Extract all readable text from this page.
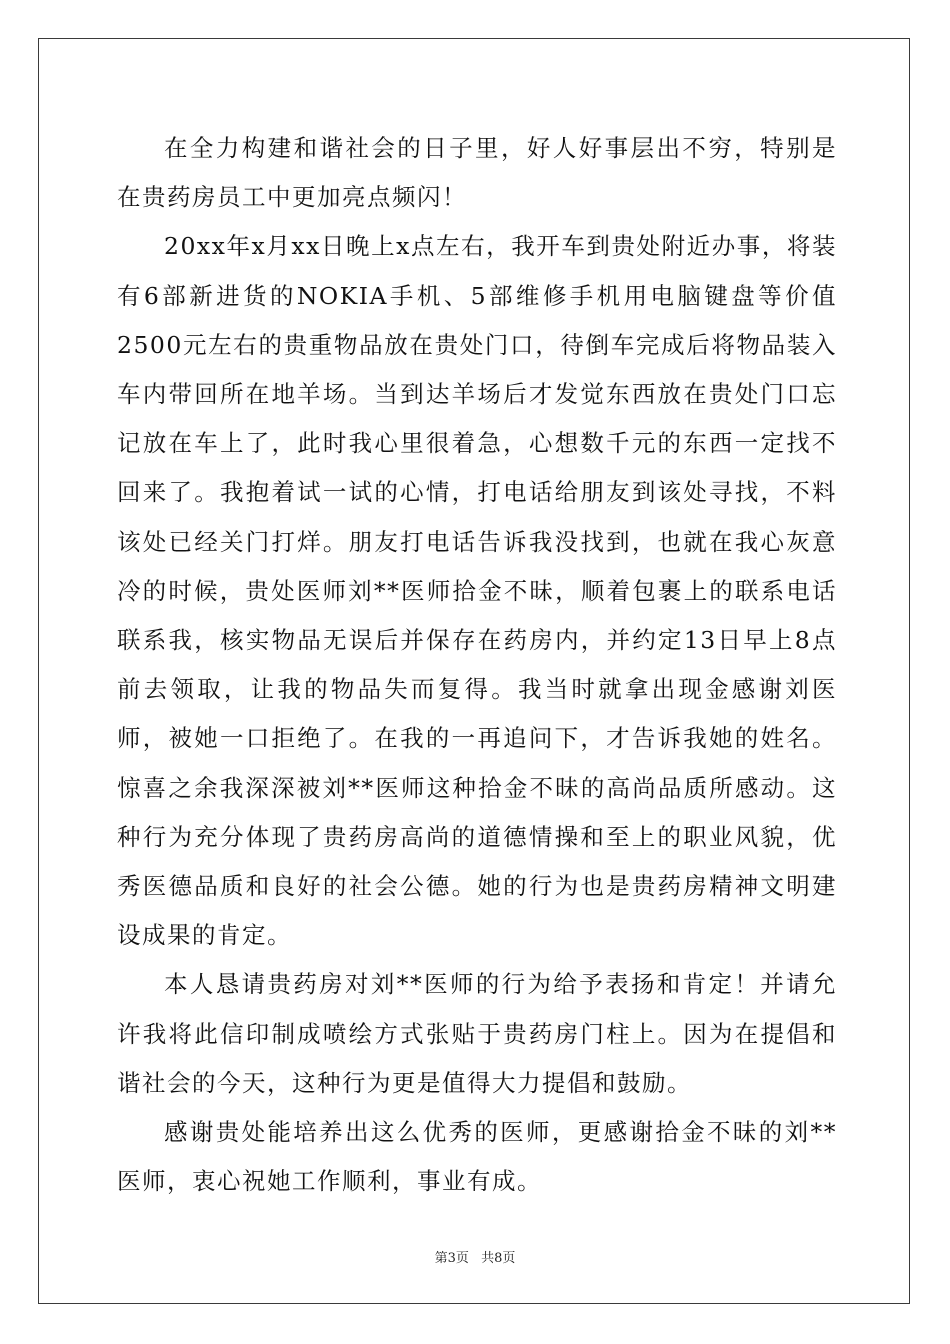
在全力构建和谐社会的日子里，好人好事层出不穷，特别是在贵药房员工中更加亮点频闪！

20xx年x月xx日晚上x点左右，我开车到贵处附近办事，将装有6部新进货的NOKIA手机、5部维修手机用电脑键盘等价值2500元左右的贵重物品放在贵处门口，待倒车完成后将物品装入车内带回所在地羊场。当到达羊场后才发觉东西放在贵处门口忘记放在车上了，此时我心里很着急，心想数千元的东西一定找不回来了。我抱着试一试的心情，打电话给朋友到该处寻找，不料该处已经关门打烊。朋友打电话告诉我没找到，也就在我心灰意冷的时候，贵处医师刘**医师拾金不昧，顺着包裹上的联系电话联系我，核实物品无误后并保存在药房内，并约定13日早上8点前去领取，让我的物品失而复得。我当时就拿出现金感谢刘医师，被她一口拒绝了。在我的一再追问下，才告诉我她的姓名。惊喜之余我深深被刘**医师这种拾金不昧的高尚品质所感动。这种行为充分体现了贵药房高尚的道德情操和至上的职业风貌，优秀医德品质和良好的社会公德。她的行为也是贵药房精神文明建设成果的肯定。

本人恳请贵药房对刘**医师的行为给予表扬和肯定！并请允许我将此信印制成喷绘方式张贴于贵药房门柱上。因为在提倡和谐社会的今天，这种行为更是值得大力提倡和鼓励。

感谢贵处能培养出这么优秀的医师，更感谢拾金不昧的刘**医师，衷心祝她工作顺利，事业有成。

第3页 共8页
